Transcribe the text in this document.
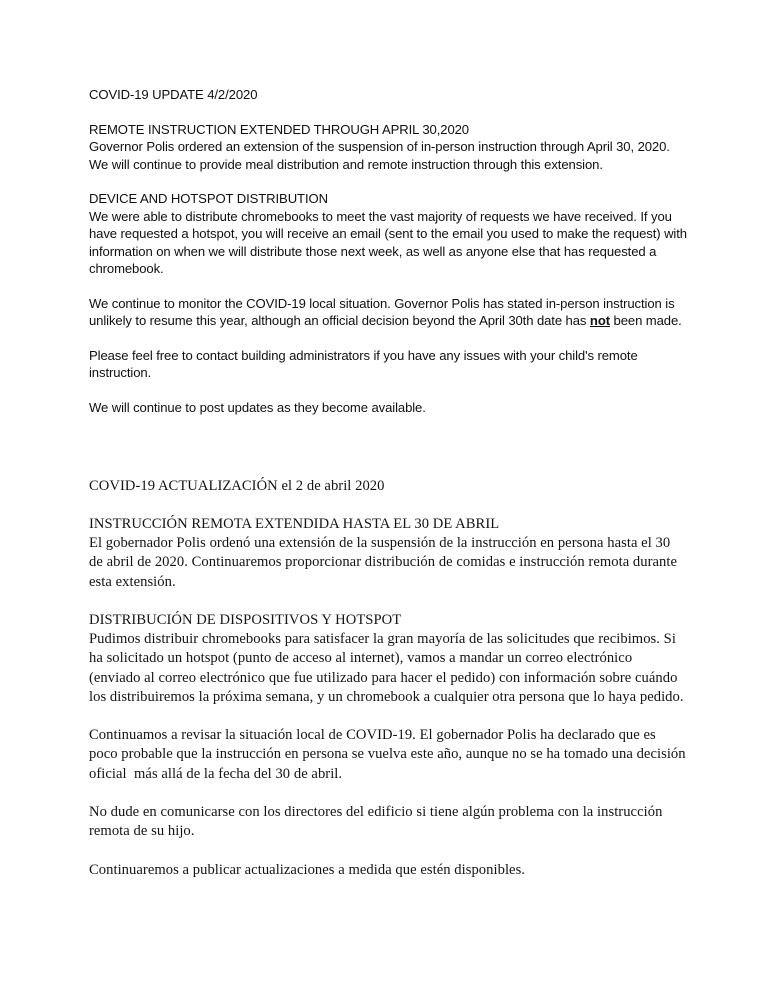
COVID-19 UPDATE 4/2/2020
REMOTE INSTRUCTION EXTENDED THROUGH APRIL 30,2020

Governor Polis ordered an extension of the suspension of in-person instruction through April 30, 2020.    We will continue to provide meal distribution and remote instruction through this extension.

DEVICE AND HOTSPOT DISTRIBUTION

We were able to distribute chromebooks to meet the vast majority of requests we have received. If you have requested a hotspot, you will receive an email (sent to the email you used to make the request) with information on when we will distribute those next week, as well as anyone else that has requested a chromebook.

We continue to monitor the COVID-19 local situation. Governor Polis has stated in-person instruction is unlikely to resume this year, although an official decision beyond the April 30th date has not been made.

Please feel free to contact building administrators if you have any issues with your child's remote instruction.

We will continue to post updates as they become available.

COVID-19 ACTUALIZACIÓN el 2 de abril 2020
INSTRUCCIÓN REMOTA EXTENDIDA HASTA EL 30 DE ABRIL

El gobernador Polis ordenó una extensión de la suspensión de la instrucción en persona hasta el 30 de abril de 2020. Continuaremos proporcionar distribución de comidas e instrucción remota durante esta extensión.

DISTRIBUCIÓN DE DISPOSITIVOS Y HOTSPOT

Pudimos distribuir chromebooks para satisfacer la gran mayoría de las solicitudes que recibimos. Si ha solicitado un hotspot (punto de acceso al internet), vamos a mandar un correo electrónico (enviado al correo electrónico que fue utilizado para hacer el pedido) con información sobre cuándo los distribuiremos la próxima semana, y un chromebook a cualquier otra persona que lo haya pedido.

Continuamos a revisar la situación local de COVID-19. El gobernador Polis ha declarado que es poco probable que la instrucción en persona se vuelva este año, aunque no se ha tomado una decisión oficial  más allá de la fecha del 30 de abril.

No dude en comunicarse con los directores del edificio si tiene algún problema con la instrucción remota de su hijo.

Continuaremos a publicar actualizaciones a medida que estén disponibles.
